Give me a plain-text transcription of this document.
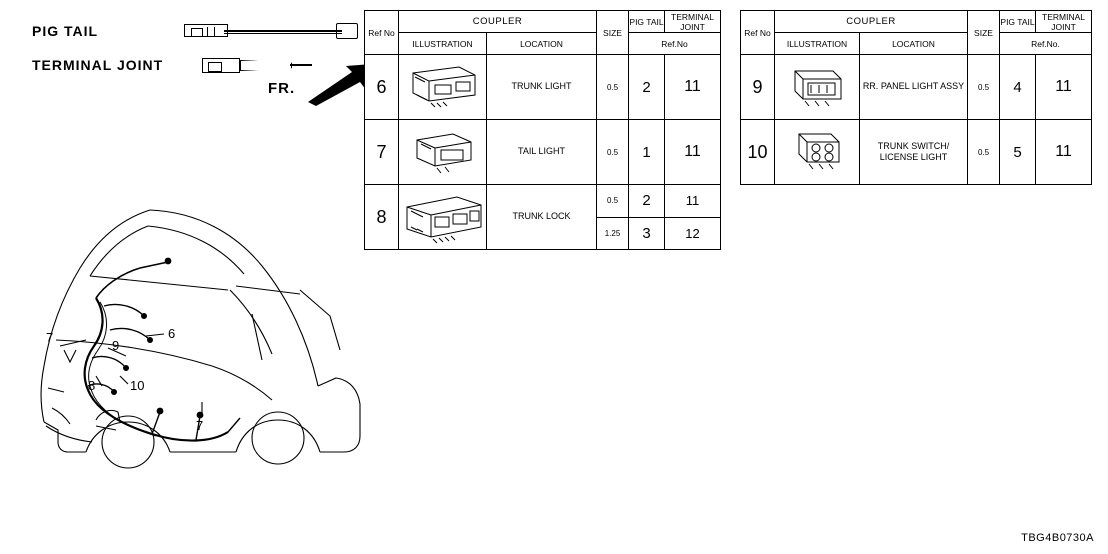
PIG TAIL
TERMINAL JOINT
FR.
Ref No	COUPLER		SIZE	PIG TAIL	TERMINAL JOINT
	ILLUSTRATION	LOCATION		Ref.No	
6		TRUNK LIGHT	0.5	2	11
7		TAIL LIGHT	0.5	1	11
8		TRUNK LOCK	0.5	2	11
			1.25	3	12
Ref No	COUPLER		SIZE	PIG TAIL	TERMINAL JOINT
	ILLUSTRATION	LOCATION		Ref.No.	
9		RR. PANEL LIGHT ASSY	0.5	4	11
10		TRUNK SWITCH/ LICENSE LIGHT	0.5	5	11
7
9
6
8	10
7
TBG4B0730A
